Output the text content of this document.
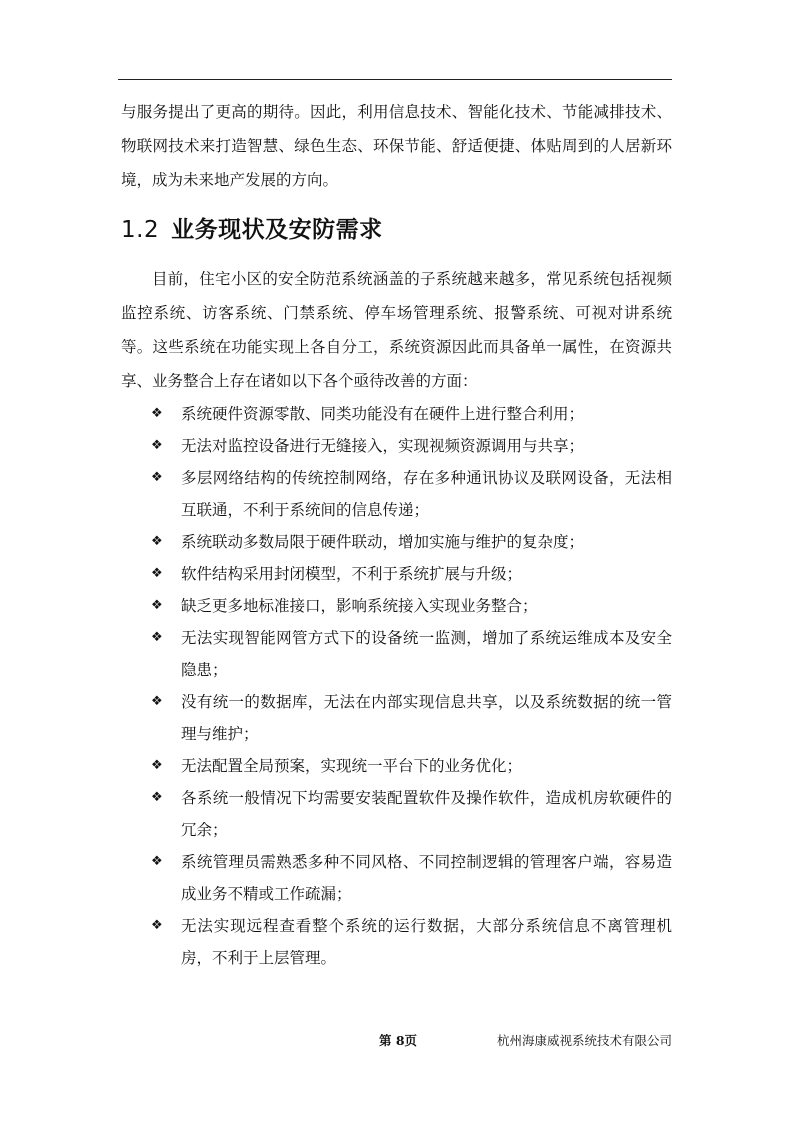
与服务提出了更高的期待。因此，利用信息技术、智能化技术、节能减排技术、物联网技术来打造智慧、绿色生态、环保节能、舒适便捷、体贴周到的人居新环境，成为未来地产发展的方向。

1.2 业务现状及安防需求

目前，住宅小区的安全防范系统涵盖的子系统越来越多，常见系统包括视频监控系统、访客系统、门禁系统、停车场管理系统、报警系统、可视对讲系统等。这些系统在功能实现上各自分工，系统资源因此而具备单一属性，在资源共享、业务整合上存在诸如以下各个亟待改善的方面：

❖ 系统硬件资源零散、同类功能没有在硬件上进行整合利用；
❖ 无法对监控设备进行无缝接入，实现视频资源调用与共享；
❖ 多层网络结构的传统控制网络，存在多种通讯协议及联网设备，无法相互联通，不利于系统间的信息传递；
❖ 系统联动多数局限于硬件联动，增加实施与维护的复杂度；
❖ 软件结构采用封闭模型，不利于系统扩展与升级；
❖ 缺乏更多地标准接口，影响系统接入实现业务整合；
❖ 无法实现智能网管方式下的设备统一监测，增加了系统运维成本及安全隐患；
❖ 没有统一的数据库，无法在内部实现信息共享，以及系统数据的统一管理与维护；
❖ 无法配置全局预案，实现统一平台下的业务优化；
❖ 各系统一般情况下均需要安装配置软件及操作软件，造成机房软硬件的冗余；
❖ 系统管理员需熟悉多种不同风格、不同控制逻辑的管理客户端，容易造成业务不精或工作疏漏；
❖ 无法实现远程查看整个系统的运行数据，大部分系统信息不离管理机房，不利于上层管理。
第 8页	杭州海康威视系统技术有限公司
